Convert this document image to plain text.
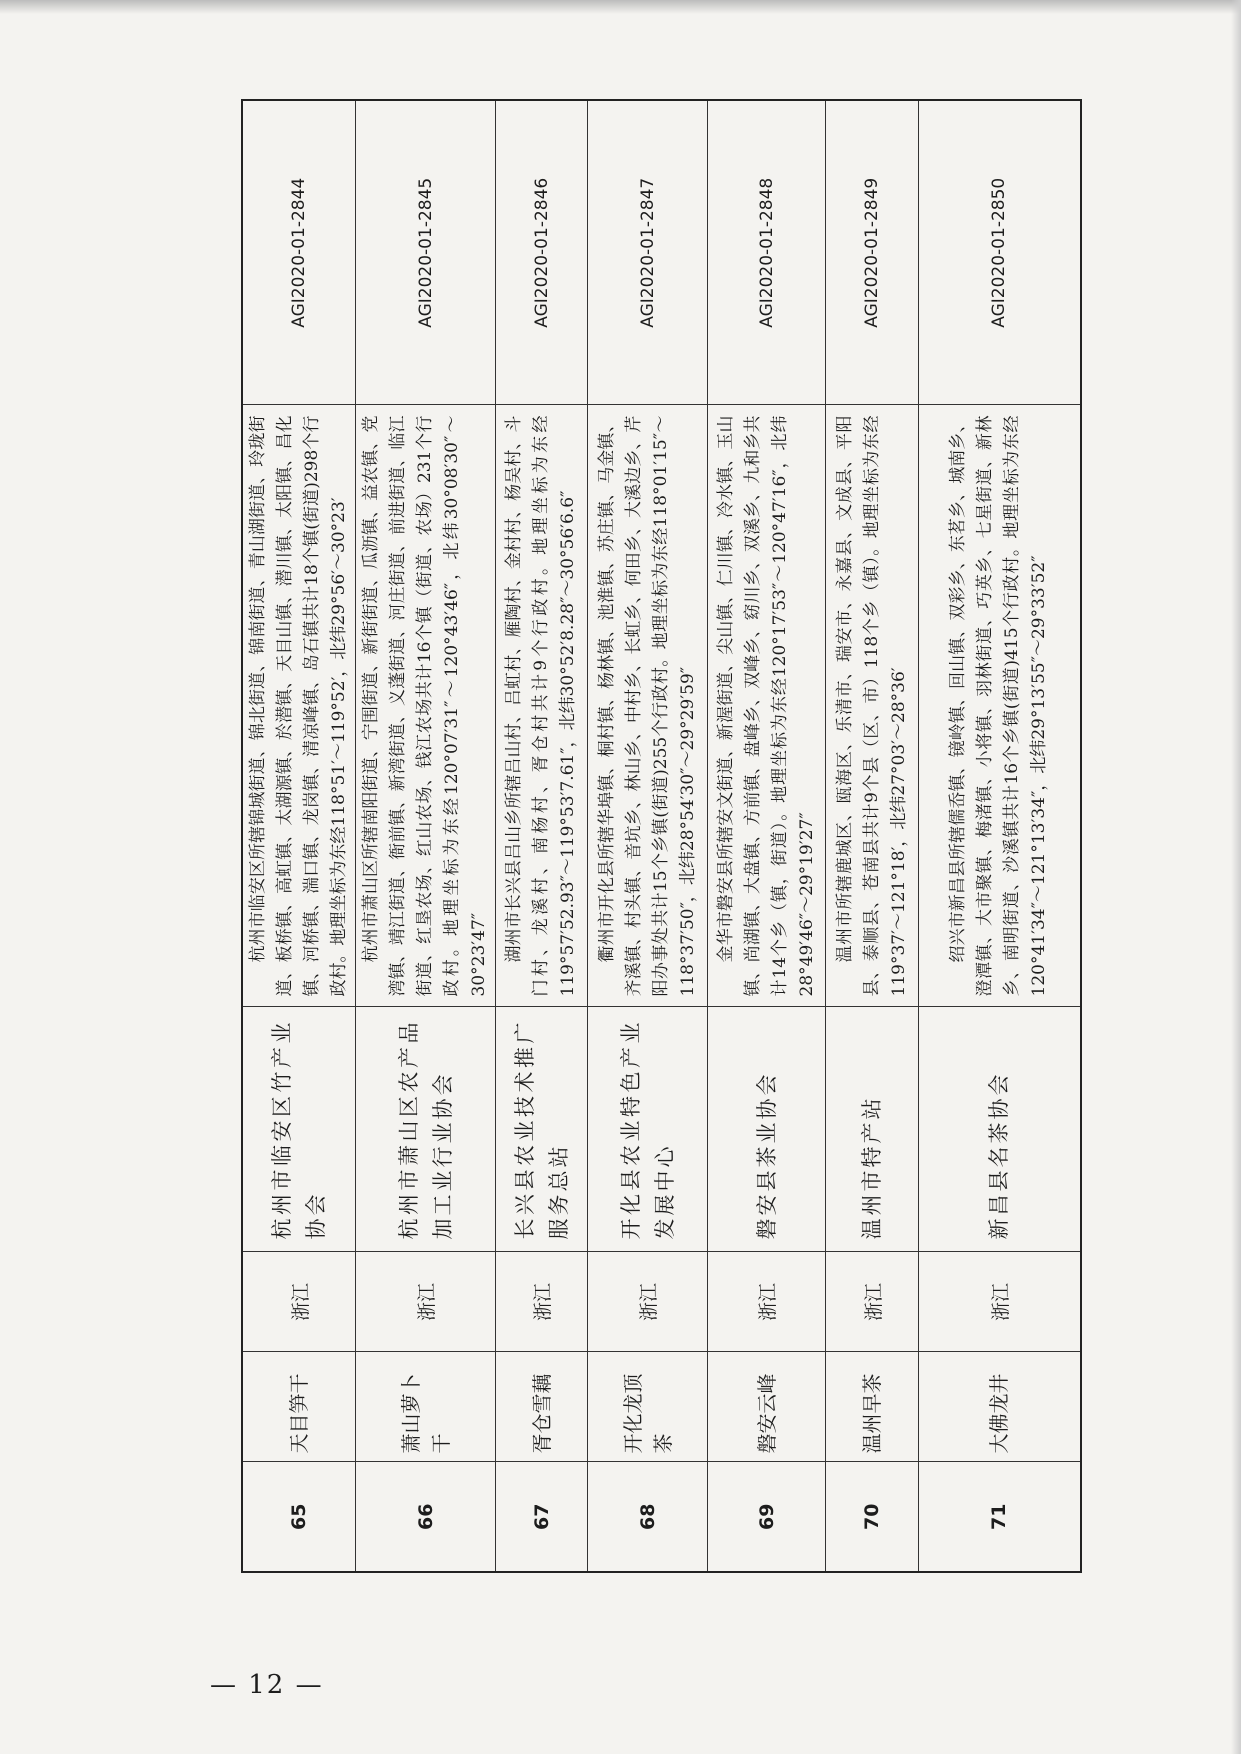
65	天目笋干	浙江	杭州市临安区竹产业协会	杭州市临安区所辖锦城街道、锦北街道、锦南街道、青山湖街道、玲珑街道、板桥镇、高虹镇、太湖源镇、於潜镇、天目山镇、潜川镇、太阳镇、昌化镇、河桥镇、湍口镇、龙岗镇、清凉峰镇、岛石镇共计18个镇(街道)298个行政村。地理坐标为东经118°51′～119°52′，北纬29°56′～30°23′	AGI2020-01-2844
66	萧山萝卜干	浙江	杭州市萧山区农产品加工业行业协会	杭州市萧山区所辖南阳街道、宁围街道、新街街道、瓜沥镇、益农镇、党湾镇、靖江街道、衙前镇、新湾街道、义蓬街道、河庄街道、前进街道、临江街道、红垦农场、红山农场、钱江农场共计16个镇（街道、农场）231个行政村。地理坐标为东经120°07′31″～120°43′46″，北纬30°08′30″～30°23′47″	AGI2020-01-2845
67	胥仓雪藕	浙江	长兴县农业技术推广服务总站	湖州市长兴县吕山乡所辖吕山村、吕虹村、雁陶村、金村村、杨吴村、斗门村、龙溪村、南杨村、胥仓村共计9个行政村。地理坐标为东经119°57′52.93″～119°53′7.61″，北纬30°52′8.28″～30°56′6.6″	AGI2020-01-2846
68	开化龙顶茶	浙江	开化县农业特色产业发展中心	衢州市开化县所辖华埠镇、桐村镇、杨林镇、池淮镇、苏庄镇、马金镇、齐溪镇、村头镇、音坑乡、林山乡、中村乡、长虹乡、何田乡、大溪边乡、芹阳办事处共计15个乡镇(街道)255个行政村。地理坐标为东经118°01′15″～118°37′50″，北纬28°54′30″～29°29′59″	AGI2020-01-2847
69	磐安云峰	浙江	磐安县茶业协会	金华市磐安县所辖安文街道、新渥街道、尖山镇、仁川镇、冷水镇、玉山镇、尚湖镇、大盘镇、方前镇、盘峰乡、双峰乡、窈川乡、双溪乡、九和乡共计14个乡（镇，街道）。地理坐标为东经120°17′53″～120°47′16″，北纬28°49′46″～29°19′27″	AGI2020-01-2848
70	温州早茶	浙江	温州市特产站	温州市所辖鹿城区、瓯海区、乐清市、瑞安市、永嘉县、文成县、平阳县、泰顺县、苍南县共计9个县（区、市）118个乡（镇）。地理坐标为东经119°37′～121°18′，北纬27°03′～28°36′	AGI2020-01-2849
71	大佛龙井	浙江	新昌县名茶协会	绍兴市新昌县所辖儒岙镇、镜岭镇、回山镇、双彩乡、东茗乡、城南乡、澄潭镇、大市聚镇、梅渚镇、小将镇、羽林街道、巧英乡、七星街道、新林乡、南明街道、沙溪镇共计16个乡镇(街道)415个行政村。地理坐标为东经120°41′34″～121°13′34″，北纬29°13′55″～29°33′52″	AGI2020-01-2850
— 12 —
